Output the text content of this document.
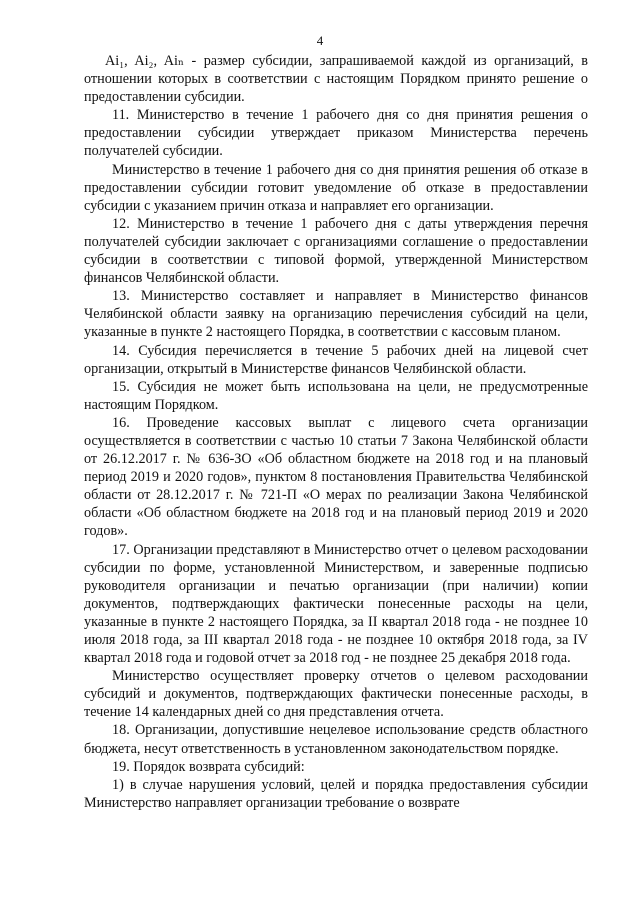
4

Ai₁, Ai₂, Aiₙ - размер субсидии, запрашиваемой каждой из организаций, в отношении которых в соответствии с настоящим Порядком принято решение о предоставлении субсидии.

11. Министерство в течение 1 рабочего дня со дня принятия решения о предоставлении субсидии утверждает приказом Министерства перечень получателей субсидии.

Министерство в течение 1 рабочего дня со дня принятия решения об отказе в предоставлении субсидии готовит уведомление об отказе в предоставлении субсидии с указанием причин отказа и направляет его организации.

12. Министерство в течение 1 рабочего дня с даты утверждения перечня получателей субсидии заключает с организациями соглашение о предоставлении субсидии в соответствии с типовой формой, утвержденной Министерством финансов Челябинской области.

13. Министерство составляет и направляет в Министерство финансов Челябинской области заявку на организацию перечисления субсидий на цели, указанные в пункте 2 настоящего Порядка, в соответствии с кассовым планом.

14. Субсидия перечисляется в течение 5 рабочих дней на лицевой счет организации, открытый в Министерстве финансов Челябинской области.

15. Субсидия не может быть использована на цели, не предусмотренные настоящим Порядком.

16. Проведение кассовых выплат с лицевого счета организации осуществляется в соответствии с частью 10 статьи 7 Закона Челябинской области от 26.12.2017 г. № 636-ЗО «Об областном бюджете на 2018 год и на плановый период 2019 и 2020 годов», пунктом 8 постановления Правительства Челябинской области от 28.12.2017 г. № 721-П «О мерах по реализации Закона Челябинской области «Об областном бюджете на 2018 год и на плановый период 2019 и 2020 годов».

17. Организации представляют в Министерство отчет о целевом расходовании субсидии по форме, установленной Министерством, и заверенные подписью руководителя организации и печатью организации (при наличии) копии документов, подтверждающих фактически понесенные расходы на цели, указанные в пункте 2 настоящего Порядка, за II квартал 2018 года - не позднее 10 июля 2018 года, за III квартал 2018 года - не позднее 10 октября 2018 года, за IV квартал 2018 года и годовой отчет за 2018 год - не позднее 25 декабря 2018 года.

Министерство осуществляет проверку отчетов о целевом расходовании субсидий и документов, подтверждающих фактически понесенные расходы, в течение 14 календарных дней со дня представления отчета.

18. Организации, допустившие нецелевое использование средств областного бюджета, несут ответственность в установленном законодательством порядке.

19. Порядок возврата субсидий:

1) в случае нарушения условий, целей и порядка предоставления субсидии Министерство направляет организации требование о возврате
